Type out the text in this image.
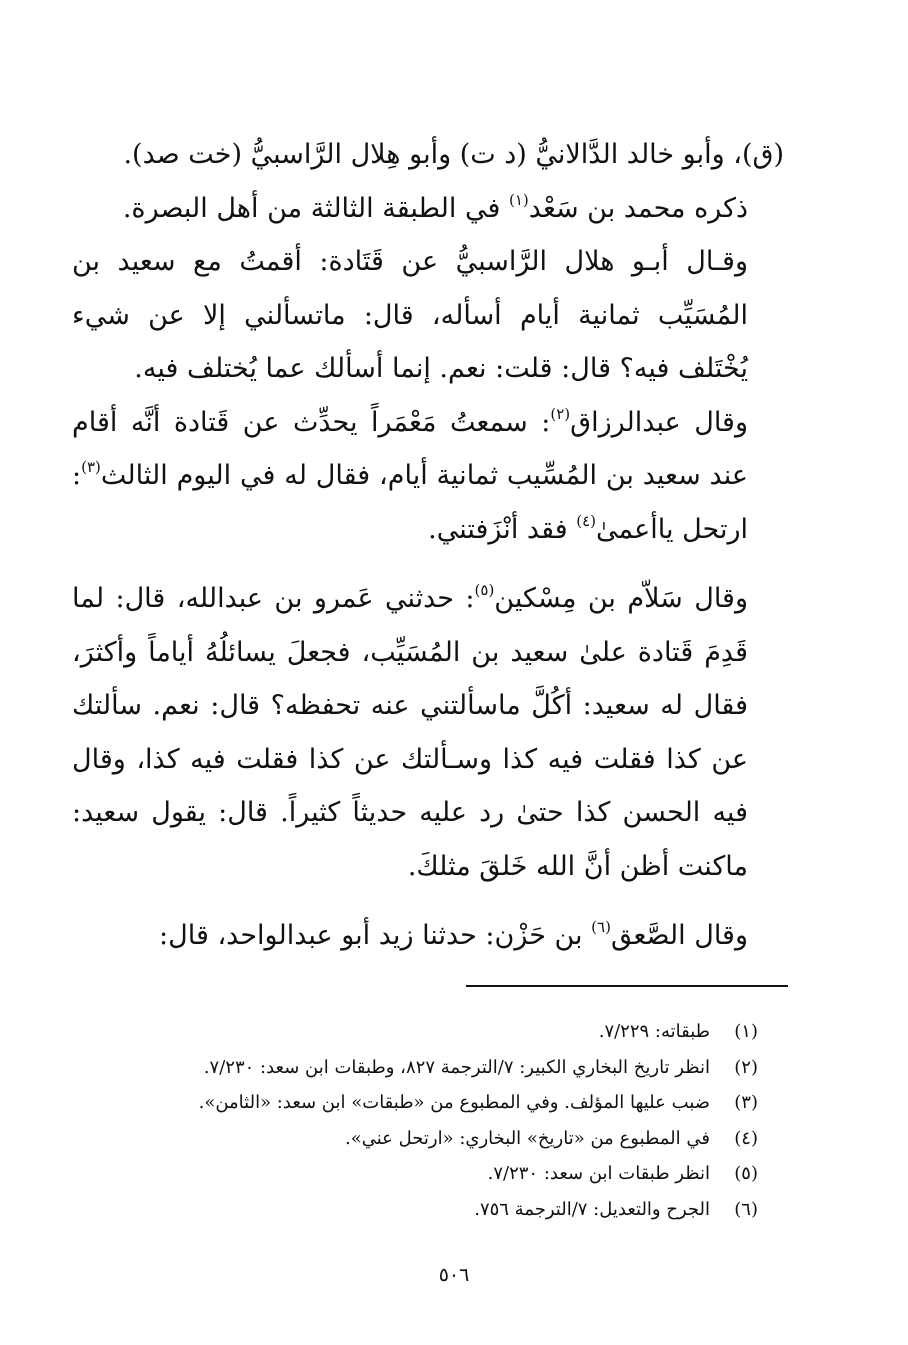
(ق)، وأبو خالد الدَّالانيُّ (د ت) وأبو هِلال الرَّاسبيُّ (خت صد).

ذكره محمد بن سَعْد$^{(١)}$ في الطبقة الثالثة من أهل البصرة.

وقـال أبـو هلال الرَّاسبيُّ عن قَتَادة: أقمتُ مع سعيد بن المُسَيِّب ثمانية أيام أسأله، قال: ماتسألني إلا عن شيء يُخْتَلف فيه؟ قال: قلت: نعم. إنما أسألك عما يُختلف فيه.

وقال عبدالرزاق$^{(٢)}$: سمعتُ مَعْمَراً يحدِّث عن قَتادة أنَّه أقام عند سعيد بن المُسِّيب ثمانية أيام، فقال له في اليوم الثالث$^{(٣)}$: ارتحل ياأعمىٰ$^{(٤)}$ فقد أنْزَفتني.

وقال سَلاّم بن مِسْكين$^{(٥)}$: حدثني عَمرو بن عبدالله، قال: لما قَدِمَ قَتادة علىٰ سعيد بن المُسَيِّب، فجعلَ يسائلُهُ أياماً وأكثرَ، فقال له سعيد: أكُلَّ ماسألتني عنه تحفظه؟ قال: نعم. سألتك عن كذا فقلت فيه كذا وسـألتك عن كذا فقلت فيه كذا، وقال فيه الحسن كذا حتىٰ رد عليه حديثاً كثيراً. قال: يقول سعيد: ماكنت أظن أنَّ الله خَلقَ مثلكَ.

وقال الصَّعق$^{(٦)}$ بن حَزْن: حدثنا زيد أبو عبدالواحد، قال:

(١)
طبقاته: ٧/٢٢٩.
(٢)
انظر تاريخ البخاري الكبير: ٧/الترجمة ٨٢٧، وطبقات ابن سعد: ٧/٢٣٠.
(٣)
ضبب عليها المؤلف. وفي المطبوع من «طبقات» ابن سعد: «الثامن».
(٤)
في المطبوع من «تاريخ» البخاري: «ارتحل عني».
(٥)
انظر طبقات ابن سعد: ٧/٢٣٠.
(٦)
الجرح والتعديل: ٧/الترجمة ٧٥٦.
٥٠٦
